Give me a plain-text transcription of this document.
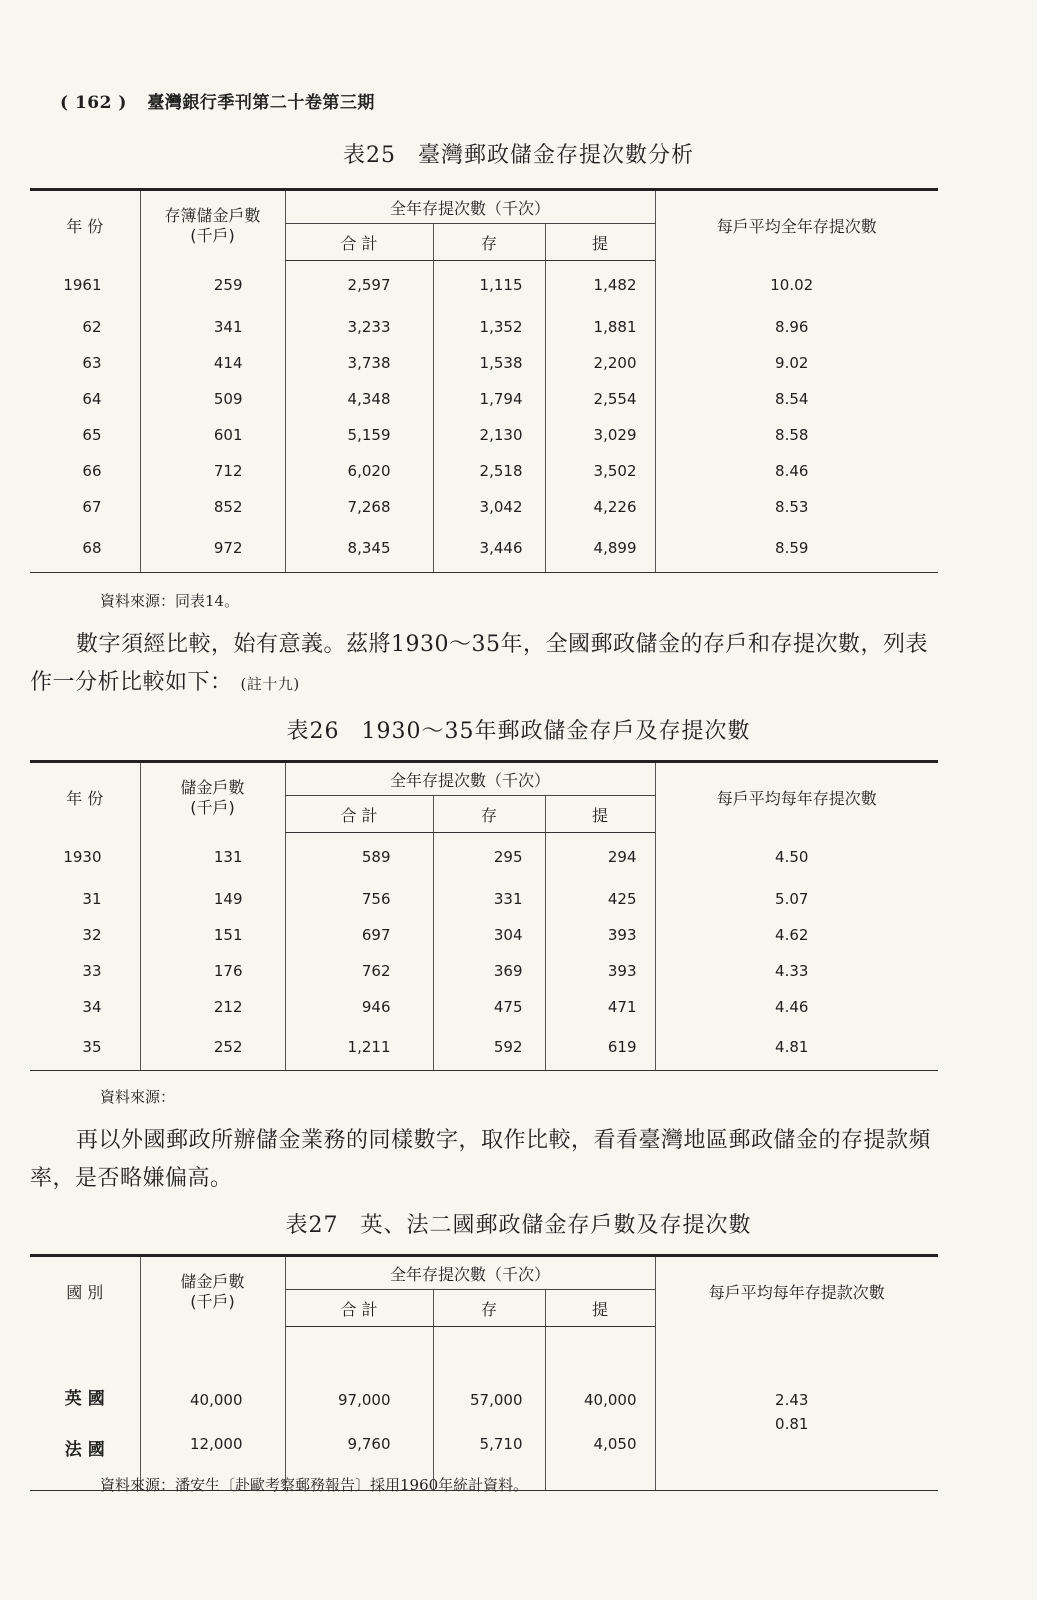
( 162 ) 臺灣銀行季刊第二十卷第三期
表25 臺灣郵政儲金存提次數分析
年 份	存簿儲金戶數(千戶)	全年存提次數（千次）			每戶平均全年存提次數
		合 計	存	提	
1961	259	2,597	1,115	1,482	10.02
62	341	3,233	1,352	1,881	8.96
63	414	3,738	1,538	2,200	9.02
64	509	4,348	1,794	2,554	8.54
65	601	5,159	2,130	3,029	8.58
66	712	6,020	2,518	3,502	8.46
67	852	7,268	3,042	4,226	8.53
68	972	8,345	3,446	4,899	8.59
資料來源：同表14。
數字須經比較，始有意義。茲將1930～35年，全國郵政儲金的存戶和存提次數，列表作一分析比較如下： (註十九)
表26 1930～35年郵政儲金存戶及存提次數
年 份	儲金戶數(千戶)	全年存提次數（千次）			每戶平均每年存提次數
		合 計	存	提	
1930	131	589	295	294	4.50
31	149	756	331	425	5.07
32	151	697	304	393	4.62
33	176	762	369	393	4.33
34	212	946	475	471	4.46
35	252	1,211	592	619	4.81
資料來源：
再以外國郵政所辦儲金業務的同樣數字，取作比較，看看臺灣地區郵政儲金的存提款頻率，是否略嫌偏高。
表27 英、法二國郵政儲金存戶數及存提次數
國 別	儲金戶數(千戶)	全年存提次數（千次）			每戶平均每年存提款次數
		合 計	存	提	
英 國	40,000	97,000	57,000	40,000	2.43
法 國	12,000	9,760	5,710	4,050	0.81
資料來源：潘安生〔赴歐考察郵務報告〕採用1960年統計資料。
